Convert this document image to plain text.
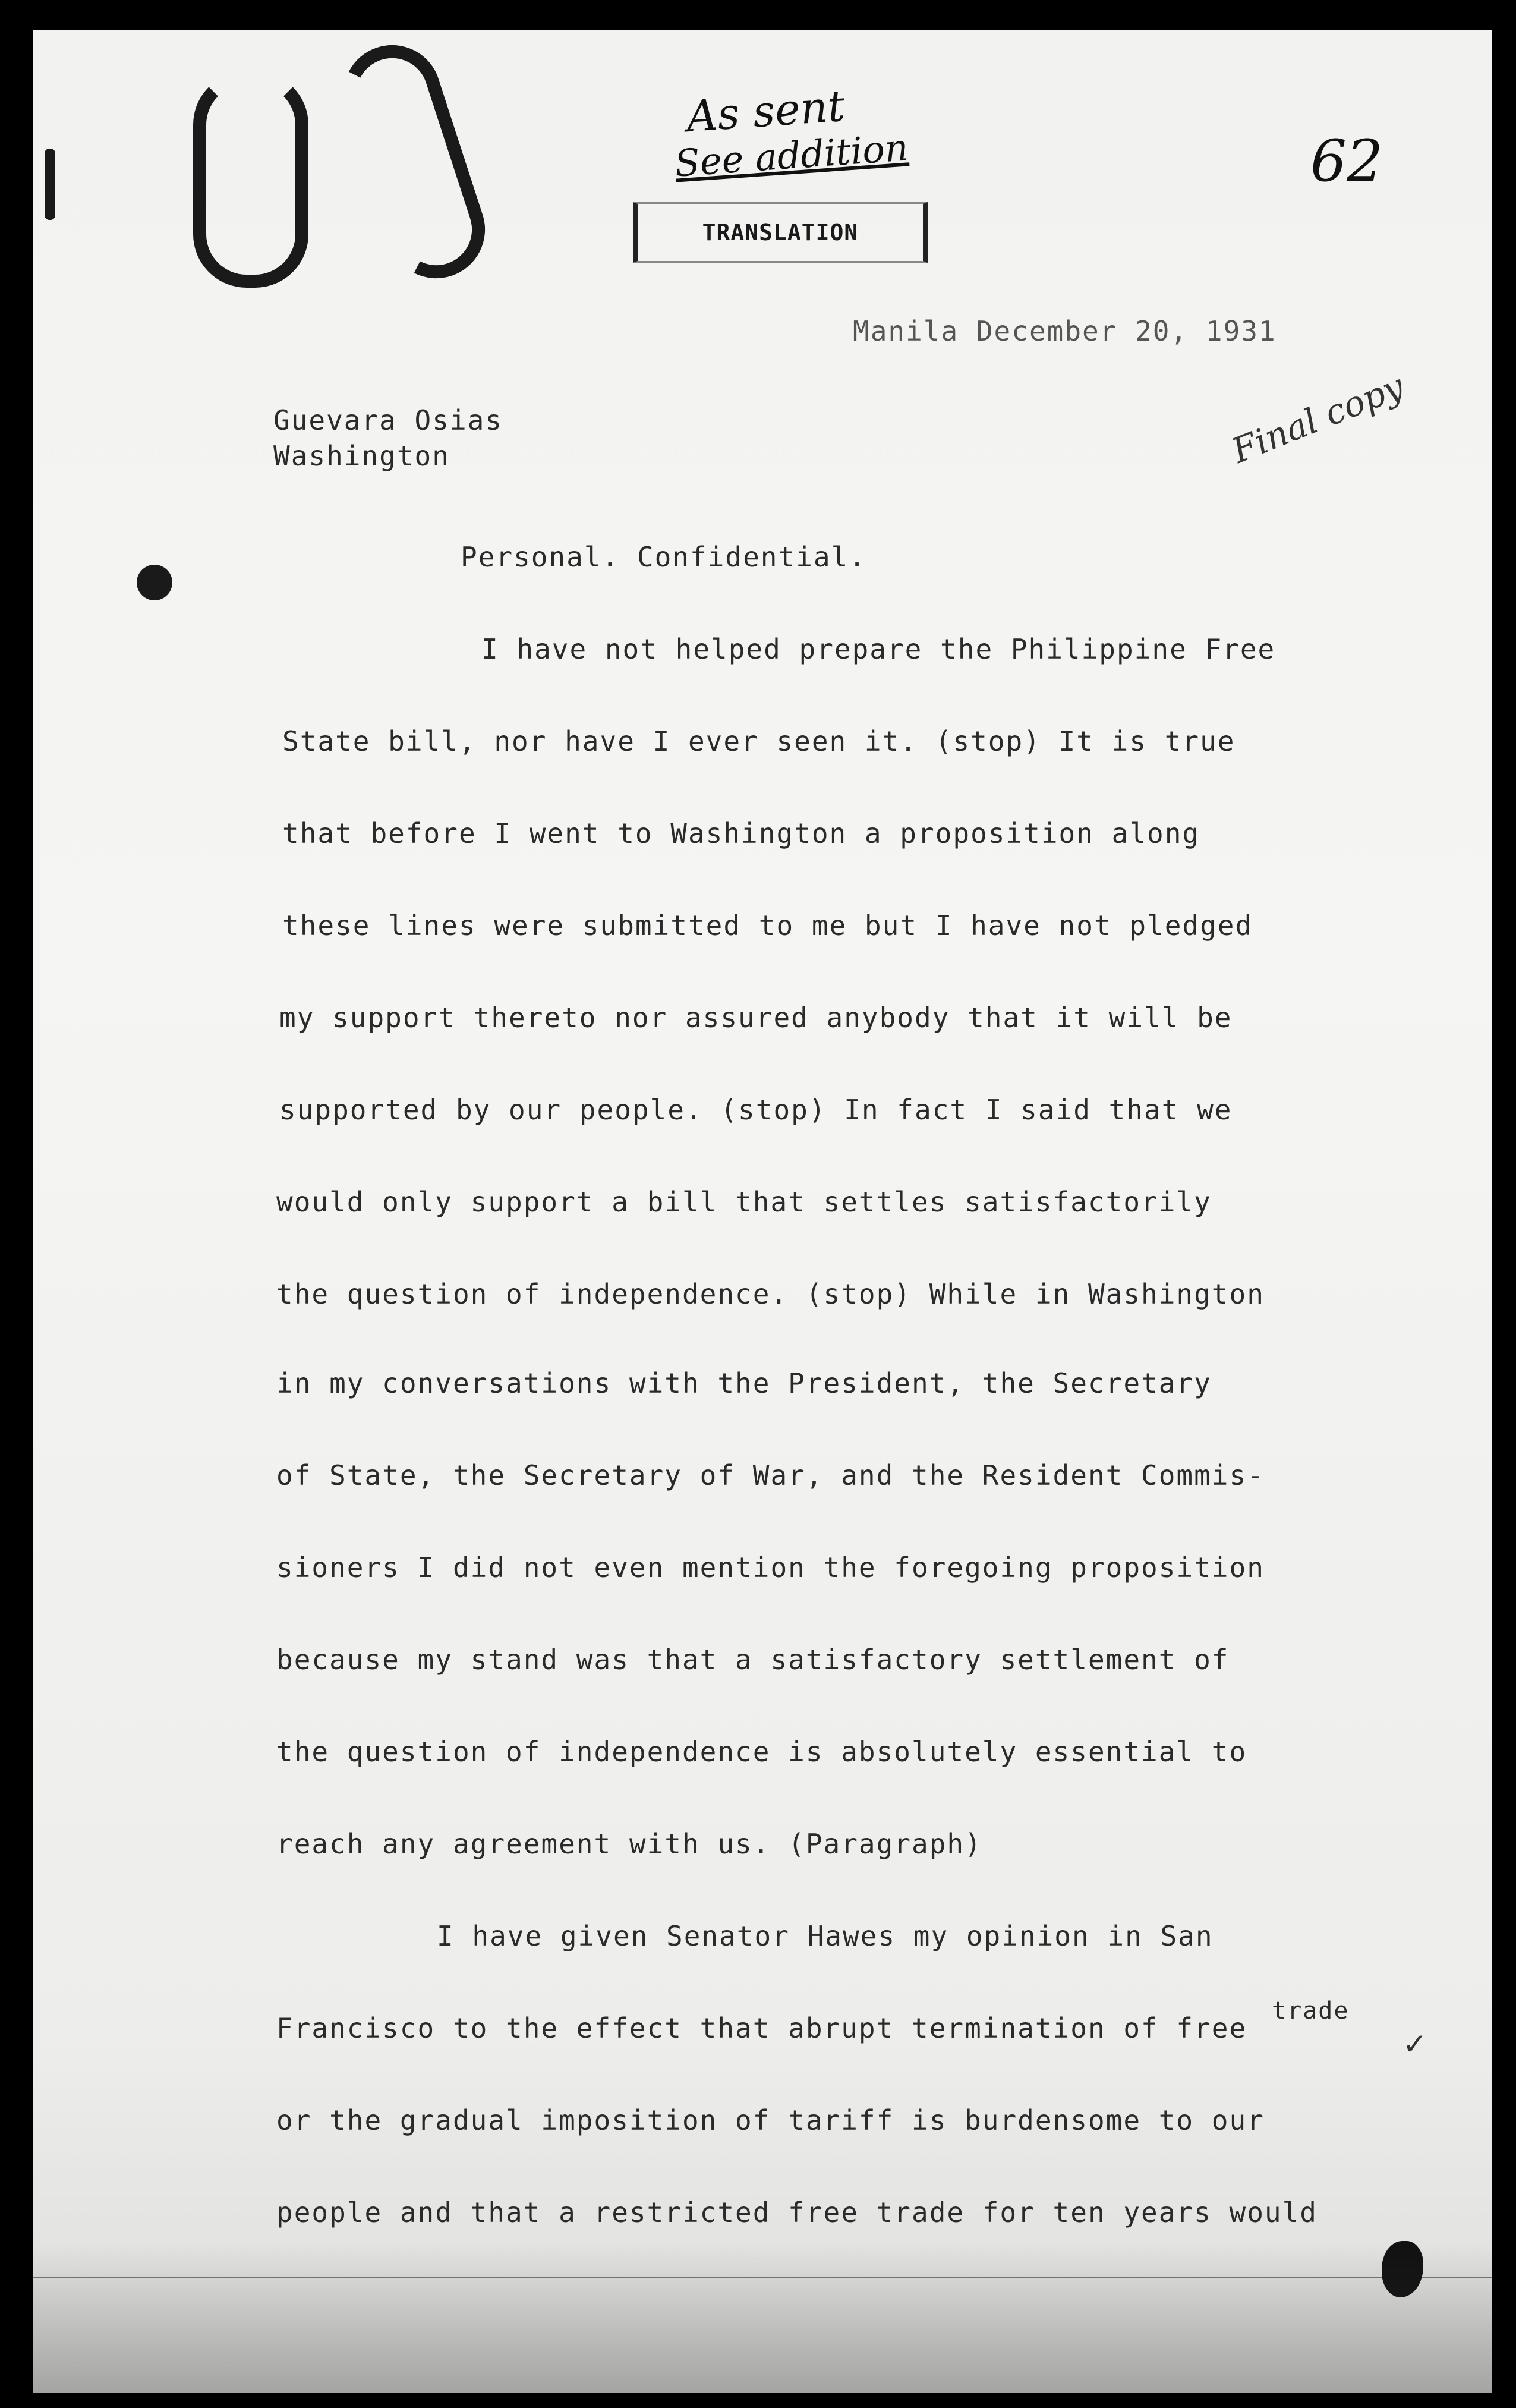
As sent
See addition	62
Final copy
TRANSLATION
Manila December 20, 1931
Guevara Osias
Washington
Personal. Confidential.
I have not helped prepare the Philippine Free
State bill, nor have I ever seen it. (stop) It is true
that before I went to Washington a proposition along
these lines were submitted to me but I have not pledged
my support thereto nor assured anybody that it will be
supported by our people. (stop) In fact I said that we
would only support a bill that settles satisfactorily
the question of independence. (stop) While in Washington
in my conversations with the President, the Secretary
of State, the Secretary of War, and the Resident Commis-
sioners I did not even mention the foregoing proposition
because my stand was that a satisfactory settlement of
the question of independence is absolutely essential to
reach any agreement with us. (Paragraph)
I have given Senator Hawes my opinion in San
Francisco to the effect that abrupt termination of free
or the gradual imposition of tariff is burdensome to our
people and that a restricted free trade for ten years would
trade
✓
